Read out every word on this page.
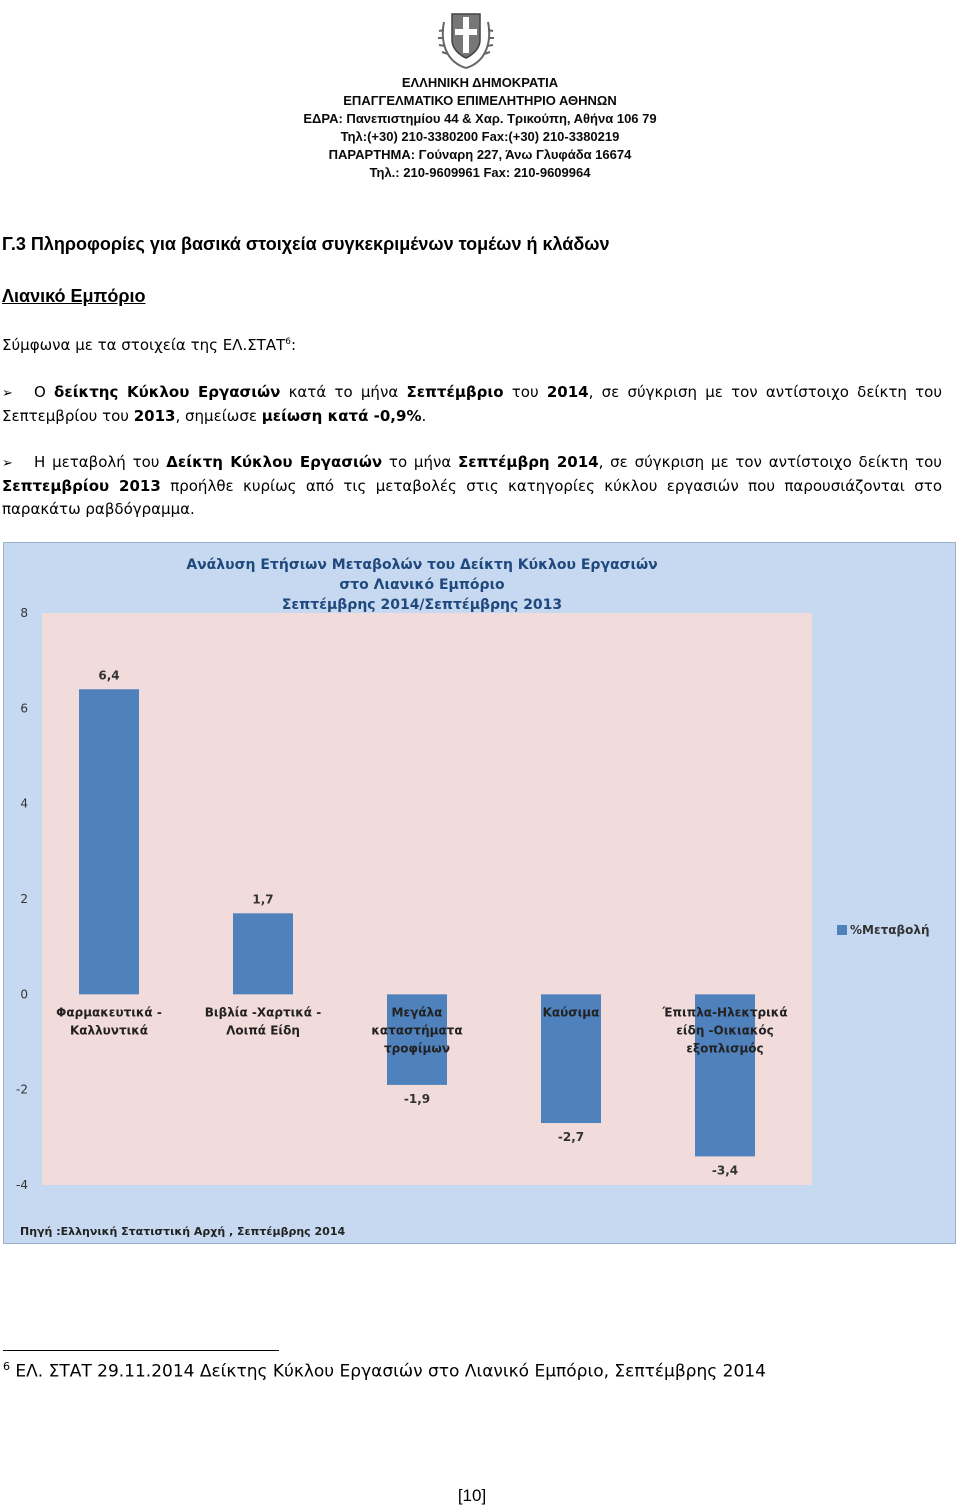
ΕΛΛΗΝΙΚΗ ΔΗΜΟΚΡΑΤΙΑ
ΕΠΑΓΓΕΛΜΑΤΙΚΟ ΕΠΙΜΕΛΗΤΗΡΙΟ ΑΘΗΝΩΝ
ΕΔΡΑ: Πανεπιστημίου 44 & Χαρ. Τρικούπη, Αθήνα 106 79
Τηλ:(+30) 210-3380200 Fax:(+30) 210-3380219
ΠΑΡΑΡΤΗΜΑ: Γούναρη 227, Άνω Γλυφάδα 16674
Τηλ.: 210-9609961 Fax: 210-9609964
Γ.3 Πληροφορίες για βασικά στοιχεία συγκεκριμένων τομέων ή κλάδων
Λιανικό Εμπόριο
Σύμφωνα με τα στοιχεία της ΕΛ.ΣΤΑΤ$^6$:
➢ Ο δείκτης Κύκλου Εργασιών κατά το μήνα Σεπτέμβριο του 2014, σε σύγκριση με τον αντίστοιχο δείκτη του Σεπτεμβρίου του 2013, σημείωσε μείωση κατά -0,9%.
➢ Η μεταβολή του Δείκτη Κύκλου Εργασιών το μήνα Σεπτέμβρη 2014, σε σύγκριση με τον αντίστοιχο δείκτη του Σεπτεμβρίου 2013 προήλθε κυρίως από τις μεταβολές στις κατηγορίες κύκλου εργασιών που παρουσιάζονται στο παρακάτω ραβδόγραμμα.
Ανάλυση Ετήσιων Μεταβολών του Δείκτη Κύκλου Εργασιών
στο Λιανικό Εμπόριο
Σεπτέμβρης 2014/Σεπτέμβρης 2013
-4
-2
0
2
4
6
8
6,4
Φαρμακευτικά -
Καλλυντικά
1,7
Βιβλία -Χαρτικά -
Λοιπά Είδη
-1,9
Μεγάλα
καταστήματα
τροφίμων
-2,7
Καύσιμα
-3,4
Έπιπλα-Ηλεκτρικά
είδη -Οικιακός
εξοπλισμός
%Μεταβολή
Πηγή :Ελληνική Στατιστική Αρχή , Σεπτέμβρης 2014
$^6$ ΕΛ. ΣΤΑΤ 29.11.2014 Δείκτης Κύκλου Εργασιών στο Λιανικό Εμπόριο, Σεπτέμβρης 2014
[10]
